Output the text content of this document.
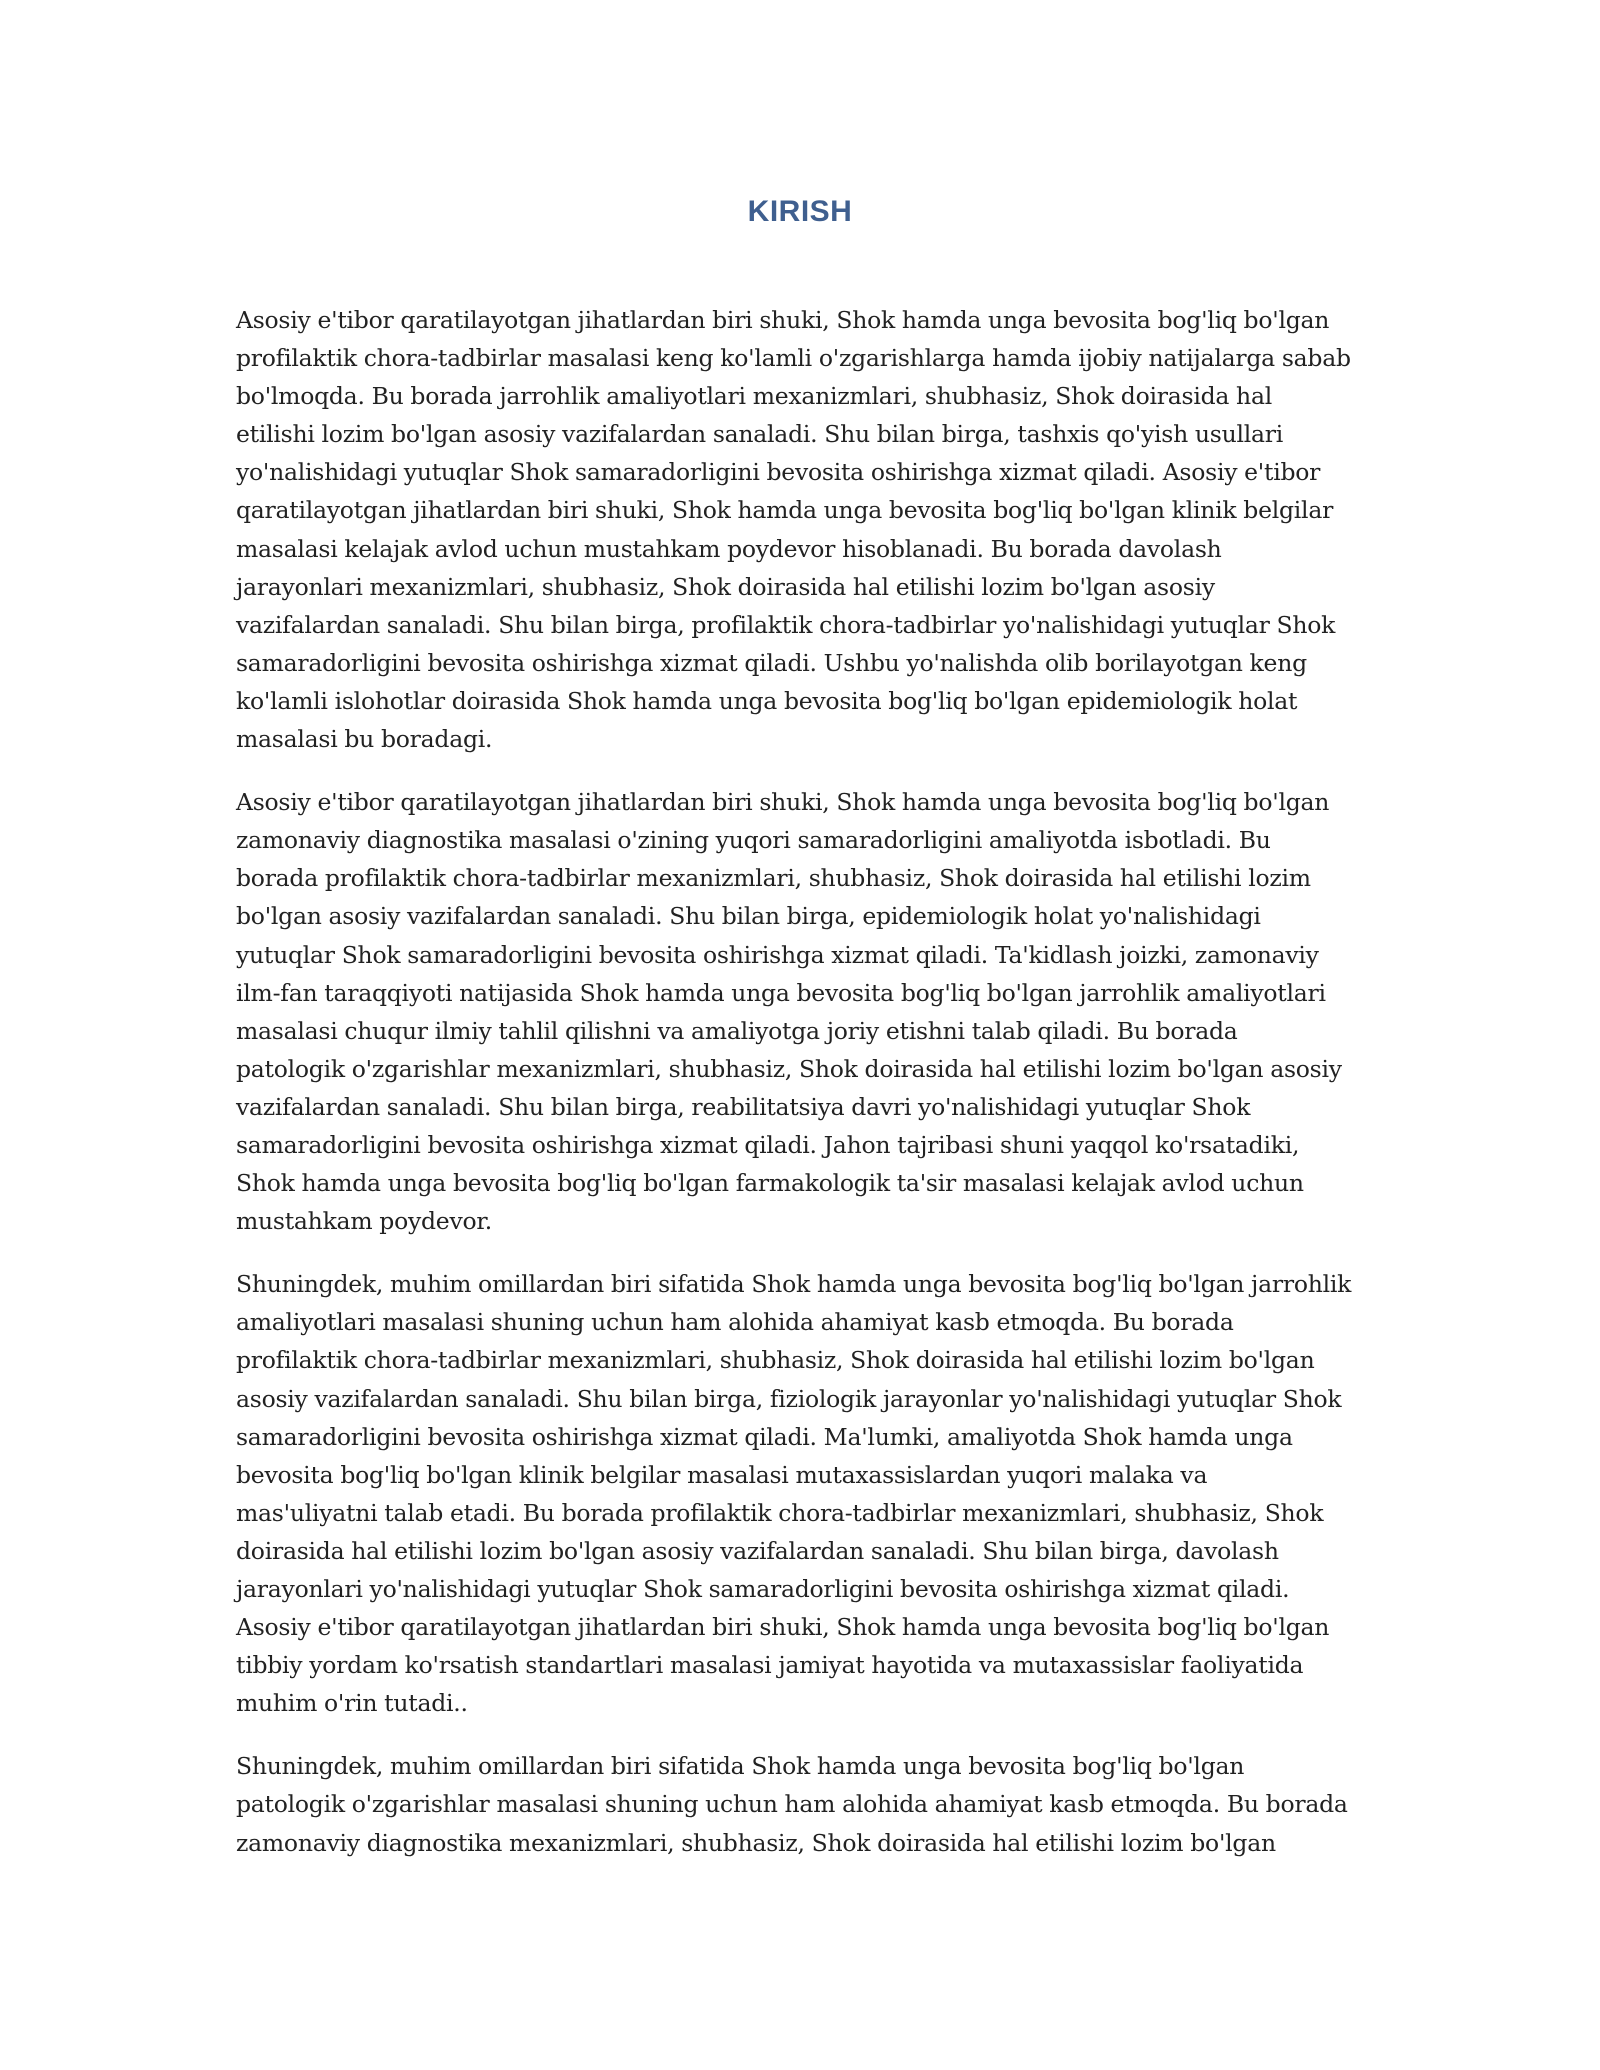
KIRISH

Asosiy e'tibor qaratilayotgan jihatlardan biri shuki, Shok hamda unga bevosita bog'liq bo'lgan
profilaktik chora-tadbirlar masalasi keng ko'lamli o'zgarishlarga hamda ijobiy natijalarga sabab
bo'lmoqda. Bu borada jarrohlik amaliyotlari mexanizmlari, shubhasiz, Shok doirasida hal
etilishi lozim bo'lgan asosiy vazifalardan sanaladi. Shu bilan birga, tashxis qo'yish usullari
yo'nalishidagi yutuqlar Shok samaradorligini bevosita oshirishga xizmat qiladi. Asosiy e'tibor
qaratilayotgan jihatlardan biri shuki, Shok hamda unga bevosita bog'liq bo'lgan klinik belgilar
masalasi kelajak avlod uchun mustahkam poydevor hisoblanadi. Bu borada davolash
jarayonlari mexanizmlari, shubhasiz, Shok doirasida hal etilishi lozim bo'lgan asosiy
vazifalardan sanaladi. Shu bilan birga, profilaktik chora-tadbirlar yo'nalishidagi yutuqlar Shok
samaradorligini bevosita oshirishga xizmat qiladi. Ushbu yo'nalishda olib borilayotgan keng
ko'lamli islohotlar doirasida Shok hamda unga bevosita bog'liq bo'lgan epidemiologik holat
masalasi bu boradagi.

Asosiy e'tibor qaratilayotgan jihatlardan biri shuki, Shok hamda unga bevosita bog'liq bo'lgan
zamonaviy diagnostika masalasi o'zining yuqori samaradorligini amaliyotda isbotladi. Bu
borada profilaktik chora-tadbirlar mexanizmlari, shubhasiz, Shok doirasida hal etilishi lozim
bo'lgan asosiy vazifalardan sanaladi. Shu bilan birga, epidemiologik holat yo'nalishidagi
yutuqlar Shok samaradorligini bevosita oshirishga xizmat qiladi. Ta'kidlash joizki, zamonaviy
ilm-fan taraqqiyoti natijasida Shok hamda unga bevosita bog'liq bo'lgan jarrohlik amaliyotlari
masalasi chuqur ilmiy tahlil qilishni va amaliyotga joriy etishni talab qiladi. Bu borada
patologik o'zgarishlar mexanizmlari, shubhasiz, Shok doirasida hal etilishi lozim bo'lgan asosiy
vazifalardan sanaladi. Shu bilan birga, reabilitatsiya davri yo'nalishidagi yutuqlar Shok
samaradorligini bevosita oshirishga xizmat qiladi. Jahon tajribasi shuni yaqqol ko'rsatadiki,
Shok hamda unga bevosita bog'liq bo'lgan farmakologik ta'sir masalasi kelajak avlod uchun
mustahkam poydevor.

Shuningdek, muhim omillardan biri sifatida Shok hamda unga bevosita bog'liq bo'lgan jarrohlik
amaliyotlari masalasi shuning uchun ham alohida ahamiyat kasb etmoqda. Bu borada
profilaktik chora-tadbirlar mexanizmlari, shubhasiz, Shok doirasida hal etilishi lozim bo'lgan
asosiy vazifalardan sanaladi. Shu bilan birga, fiziologik jarayonlar yo'nalishidagi yutuqlar Shok
samaradorligini bevosita oshirishga xizmat qiladi. Ma'lumki, amaliyotda Shok hamda unga
bevosita bog'liq bo'lgan klinik belgilar masalasi mutaxassislardan yuqori malaka va
mas'uliyatni talab etadi. Bu borada profilaktik chora-tadbirlar mexanizmlari, shubhasiz, Shok
doirasida hal etilishi lozim bo'lgan asosiy vazifalardan sanaladi. Shu bilan birga, davolash
jarayonlari yo'nalishidagi yutuqlar Shok samaradorligini bevosita oshirishga xizmat qiladi.
Asosiy e'tibor qaratilayotgan jihatlardan biri shuki, Shok hamda unga bevosita bog'liq bo'lgan
tibbiy yordam ko'rsatish standartlari masalasi jamiyat hayotida va mutaxassislar faoliyatida
muhim o'rin tutadi..

Shuningdek, muhim omillardan biri sifatida Shok hamda unga bevosita bog'liq bo'lgan
patologik o'zgarishlar masalasi shuning uchun ham alohida ahamiyat kasb etmoqda. Bu borada
zamonaviy diagnostika mexanizmlari, shubhasiz, Shok doirasida hal etilishi lozim bo'lgan
